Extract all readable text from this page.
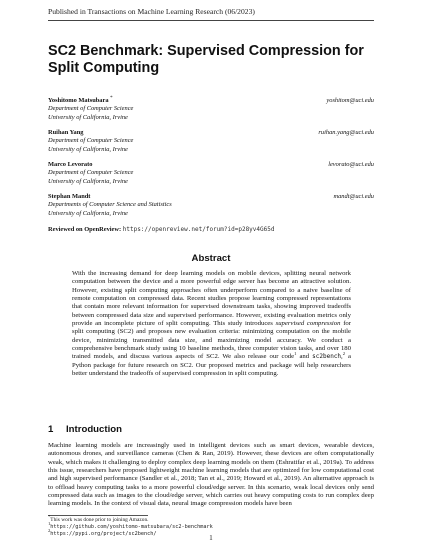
Published in Transactions on Machine Learning Research (06/2023)
SC2 Benchmark: Supervised Compression for Split Computing
Yoshitomo Matsubara *
Department of Computer Science
University of California, Irvine
yoshitom@uci.edu
Ruihan Yang
Department of Computer Science
University of California, Irvine
ruihan.yang@uci.edu
Marco Levorato
Department of Computer Science
University of California, Irvine
levorato@uci.edu
Stephan Mandt
Departments of Computer Science and Statistics
University of California, Irvine
mandt@uci.edu
Reviewed on OpenReview: https://openreview.net/forum?id=p28yv4G65d
Abstract

With the increasing demand for deep learning models on mobile devices, splitting neural network computation between the device and a more powerful edge server has become an attractive solution. However, existing split computing approaches often underperform compared to a naive baseline of remote computation on compressed data. Recent studies propose learning compressed representations that contain more relevant information for supervised downstream tasks, showing improved tradeoffs between compressed data size and supervised performance. However, existing evaluation metrics only provide an incomplete picture of split computing. This study introduces supervised compression for split computing (SC2) and proposes new evaluation criteria: minimizing computation on the mobile device, minimizing transmitted data size, and maximizing model accuracy. We conduct a comprehensive benchmark study using 10 baseline methods, three computer vision tasks, and over 180 trained models, and discuss various aspects of SC2. We also release our code$^1$ and sc2bench,$^2$ a Python package for future research on SC2. Our proposed metrics and package will help researchers better understand the tradeoffs of supervised compression in split computing.

1 Introduction

Machine learning models are increasingly used in intelligent devices such as smart devices, wearable devices, autonomous drones, and surveillance cameras (Chen & Ran, 2019). However, these devices are often computationally weak, which makes it challenging to deploy complex deep learning models on them (Eshratifar et al., 2019a). To address this issue, researchers have proposed lightweight machine learning models that are optimized for low computational cost and high supervised performance (Sandler et al., 2018; Tan et al., 2019; Howard et al., 2019). An alternative approach is to offload heavy computing tasks to a more powerful cloud/edge server. In this scenario, weak local devices only send compressed data such as images to the cloud/edge server, which carries out heavy computing costs to run complex deep learning models. In the context of visual data, neural image compression models have been

*This work was done prior to joining Amazon.
1https://github.com/yoshitomo-matsubara/sc2-benchmark
2https://pypi.org/project/sc2bench/
1
